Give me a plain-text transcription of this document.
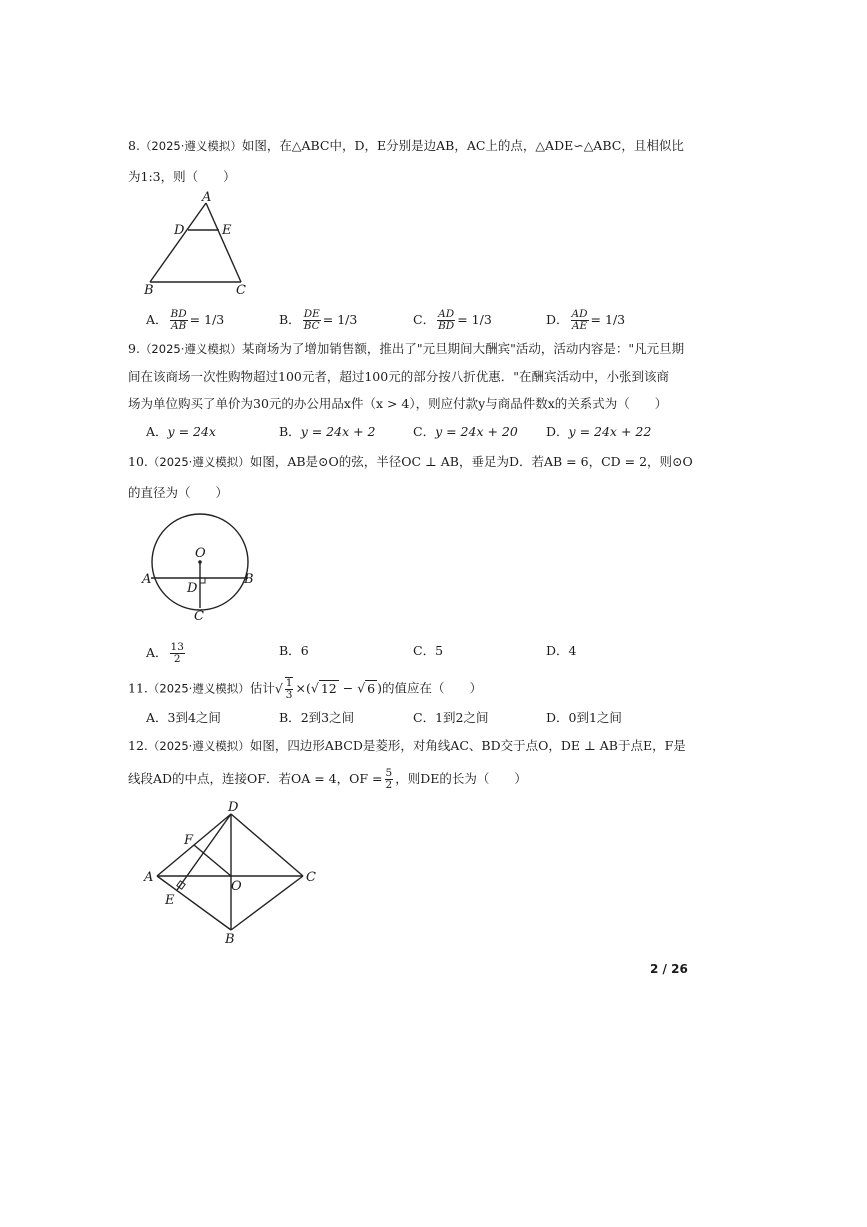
8.（2025·遵义模拟）如图，在△ABC中，D，E分别是边AB，AC上的点，△ADE∽△ABC，且相似比
为1:3，则（　　）
A
D	E
B	C
A． $\frac{BD}{AB} = 1/3$	B． $\frac{DE}{BC} = 1/3$	C． $\frac{AD}{BD} = 1/3$	D． $\frac{AD}{AE} = 1/3$
9.（2025·遵义模拟）某商场为了增加销售额，推出了"元旦期间大酬宾"活动，活动内容是："凡元旦期
间在该商场一次性购物超过100元者，超过100元的部分按八折优惠．"在酬宾活动中，小张到该商
场为单位购买了单价为30元的办公用品x件（x > 4），则应付款y与商品件数x的关系式为（　　）
A．y = 24x	B．y = 24x + 2	C．y = 24x + 20 D．y = 24x + 22
10.（2025·遵义模拟）如图，AB是⊙O的弦，半径OC ⊥ AB，垂足为D．若AB = 6，CD = 2，则⊙O
的直径为（　　）
O
A	B
D
C
A． $\frac{13}{2}$	B．6	C．5	D．4
11.（2025·遵义模拟）估计√ $\frac{1}{3}$ ×(√ 12 − √ 6 )的值应在（　　）
A．3到4之间	B．2到3之间	C．1到2之间	D．0到1之间
12.（2025·遵义模拟）如图，四边形ABCD是菱形，对角线AC、BD交于点O，DE ⊥ AB于点E，F是
线段AD的中点，连接OF．若OA = 4，OF = $\frac{5}{2}$ ，则DE的长为（　　）
D
F
A
O
C
E
B
2 / 26
